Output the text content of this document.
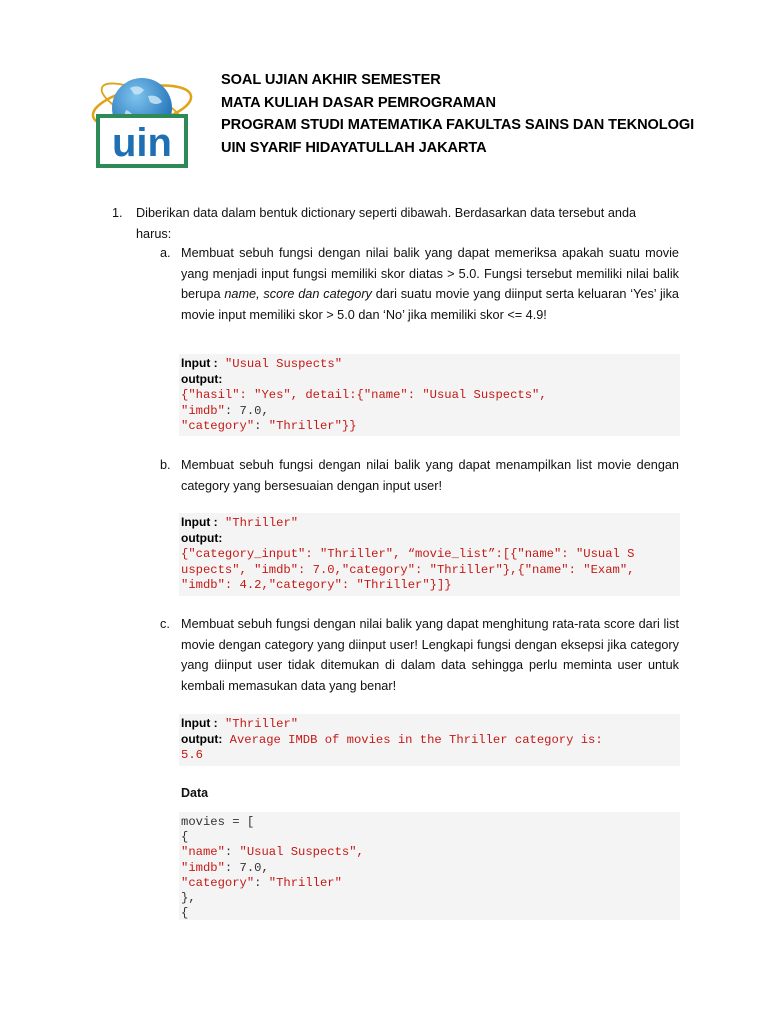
uin
SOAL UJIAN AKHIR SEMESTER
MATA KULIAH DASAR PEMROGRAMAN
PROGRAM STUDI MATEMATIKA FAKULTAS SAINS DAN TEKNOLOGI
UIN SYARIF HIDAYATULLAH JAKARTA
1.	Diberikan data dalam bentuk dictionary seperti dibawah. Berdasarkan data tersebut anda
harus:
a. Membuat sebuh fungsi dengan nilai balik yang dapat memeriksa apakah suatu movie yang menjadi input fungsi memiliki skor diatas > 5.0. Fungsi tersebut memiliki nilai balik berupa name, score dan category dari suatu movie yang diinput serta keluaran ‘Yes’ jika movie input memiliki skor > 5.0 dan ‘No’ jika memiliki skor <= 4.9!
Input : "Usual Suspects"
output:
{"hasil": "Yes", detail:{"name": "Usual Suspects",
"imdb": 7.0,
"category": "Thriller"}}
b. Membuat sebuh fungsi dengan nilai balik yang dapat menampilkan list movie dengan category yang bersesuaian dengan input user!
Input : "Thriller"
output:
{"category_input": "Thriller", “movie_list”:[{"name": "Usual S
uspects", "imdb": 7.0,"category": "Thriller"},{"name": "Exam",
"imdb": 4.2,"category": "Thriller"}]}
c. Membuat sebuh fungsi dengan nilai balik yang dapat menghitung rata-rata score dari list movie dengan category yang diinput user! Lengkapi fungsi dengan eksepsi jika category yang diinput user tidak ditemukan di dalam data sehingga perlu meminta user untuk kembali memasukan data yang benar!
Input : "Thriller"
output: Average IMDB of movies in the Thriller category is:
5.6
Data
movies = [
{
"name": "Usual Suspects",
"imdb": 7.0,
"category": "Thriller"
},
{
